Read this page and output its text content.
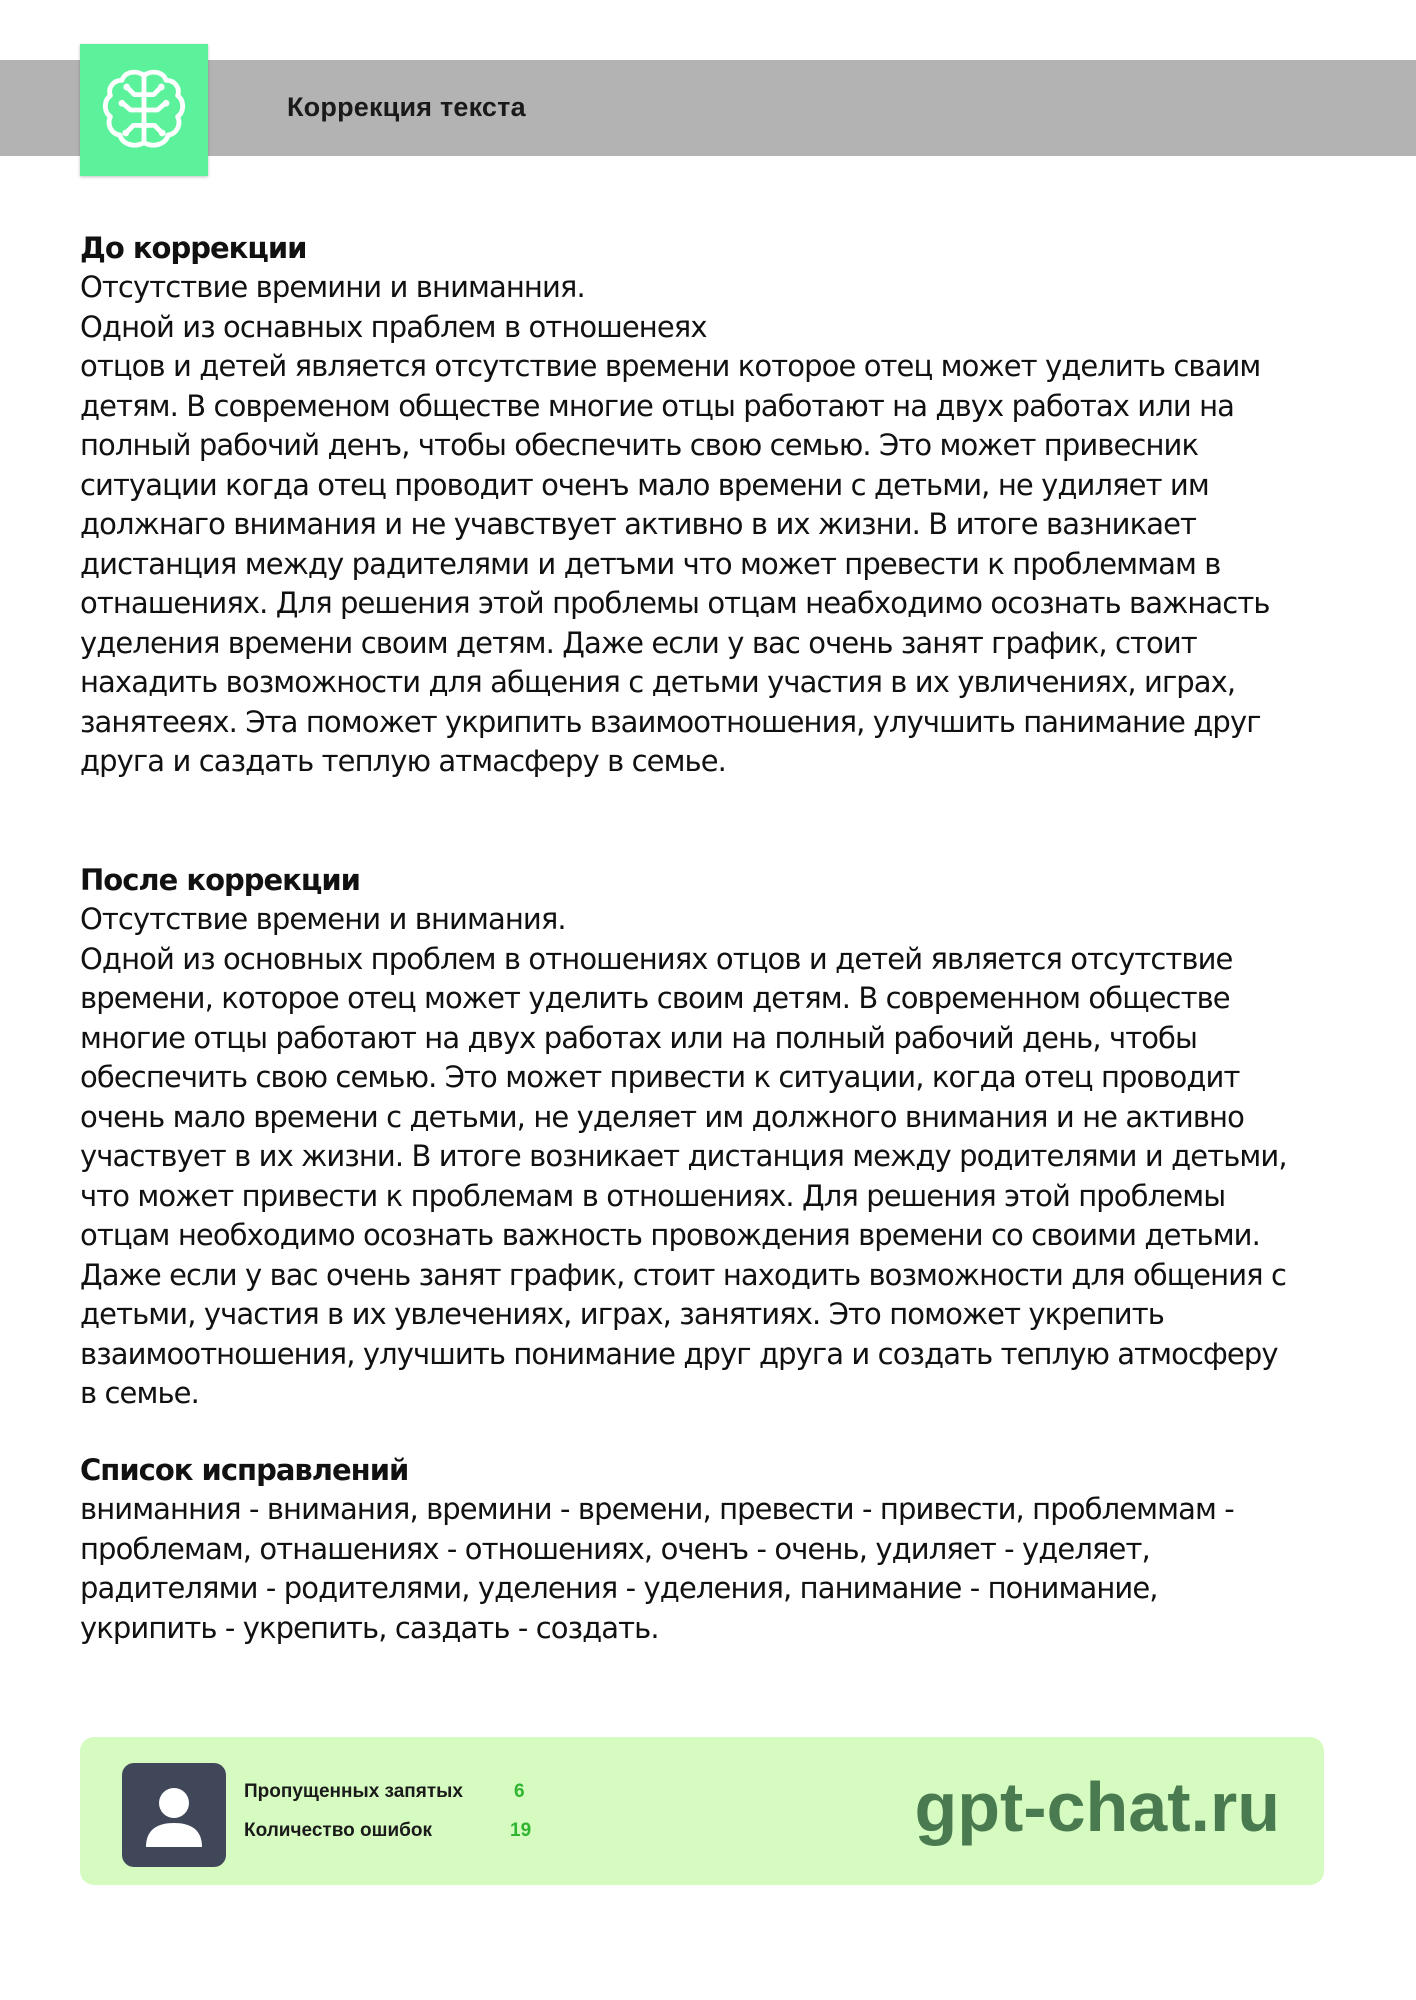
Коррекция текста
До коррекции
Отсутствие времини и вниманния.
Одной из оснавных праблем в отношенеях
отцов и детей является отсутствие времени которое отец может уделить сваим
детям. В современом обществе многие отцы работают на двух работах или на
полный рабочий денъ, чтобы обеспечить свою семью. Это может привесник
ситуации когда отец проводит оченъ мало времени с детьми, не удиляет им
должнаго внимания и не учавствует активно в их жизни. В итоге вазникает
дистанция между радителями и детъми что может превести к проблеммам в
отнашениях. Для решения этой проблемы отцам неабходимо осознать важнасть
уделения времени своим детям. Даже если у вас очень занят график, стоит
нахадить возможности для абщения с детьми участия в их увличениях, играх,
занятееях. Эта поможет укрипить взаимоотношения, улучшить панимание друг
друга и саздать теплую атмасферу в семье.
После коррекции
Отсутствие времени и внимания.
Одной из основных проблем в отношениях отцов и детей является отсутствие
времени, которое отец может уделить своим детям. В современном обществе
многие отцы работают на двух работах или на полный рабочий день, чтобы
обеспечить свою семью. Это может привести к ситуации, когда отец проводит
очень мало времени с детьми, не уделяет им должного внимания и не активно
участвует в их жизни. В итоге возникает дистанция между родителями и детьми,
что может привести к проблемам в отношениях. Для решения этой проблемы
отцам необходимо осознать важность провождения времени со своими детьми.
Даже если у вас очень занят график, стоит находить возможности для общения с
детьми, участия в их увлечениях, играх, занятиях. Это поможет укрепить
взаимоотношения, улучшить понимание друг друга и создать теплую атмосферу
в семье.
Список исправлений
вниманния - внимания, времини - времени, превести - привести, проблеммам -
проблемам, отнашениях - отношениях, оченъ - очень, удиляет - уделяет,
радителями - родителями, уделения - уделения, панимание - понимание,
укрипить - укрепить, саздать - создать.
Пропущенных запятых	6
Количество ошибок	19	gpt-chat.ru
